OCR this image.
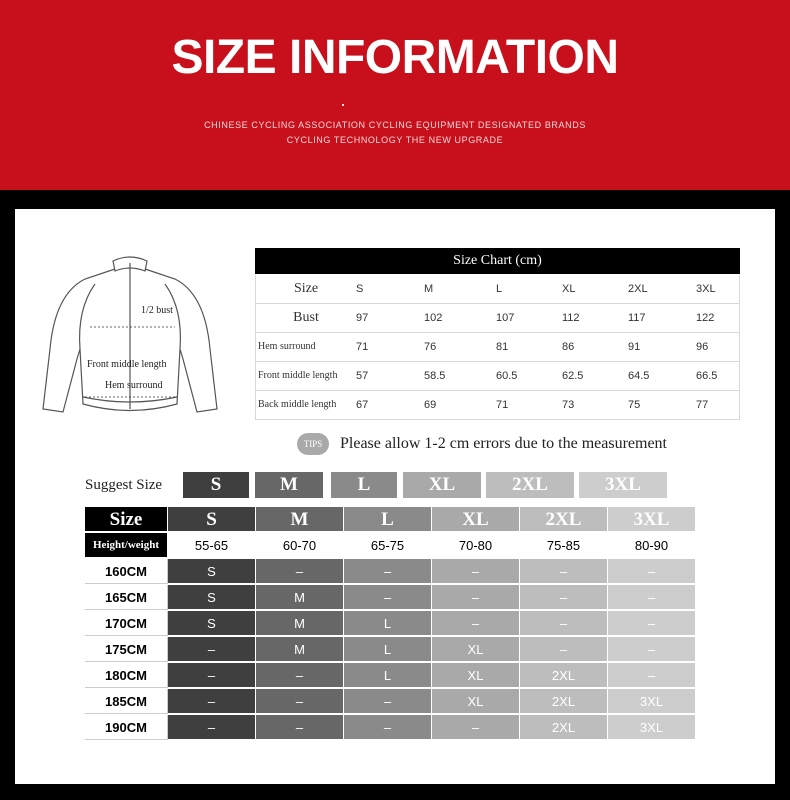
SIZE INFORMATION
CHINESE CYCLING ASSOCIATION CYCLING EQUIPMENT DESIGNATED BRANDS
CYCLING TECHNOLOGY THE NEW UPGRADE
1/2 bust
Front middle length
Hem surround
Size Chart (cm)
Size	S	M	L	XL	2XL	3XL
Bust	97	102	107	112	117	122
Hem surround	71	76	81	86	91	96
Front middle length	57	58.5	60.5	62.5	64.5	66.5
Back middle length	67	69	71	73	75	77
TIPS	Please allow 1-2 cm errors due to the measurement
Suggest Size	S	M	L	XL	2XL	3XL
Size	S	M	L	XL	2XL	3XL
Height/weight	55-65	60-70	65-75	70-80	75-85	80-90
160CM	S	–	–	–	–	–
165CM	S	M	–	–	–	–
170CM	S	M	L	–	–	–
175CM	–	M	L	XL	–	–
180CM	–	–	L	XL	2XL	–
185CM	–	–	–	XL	2XL	3XL
190CM	–	–	–	–	2XL	3XL
